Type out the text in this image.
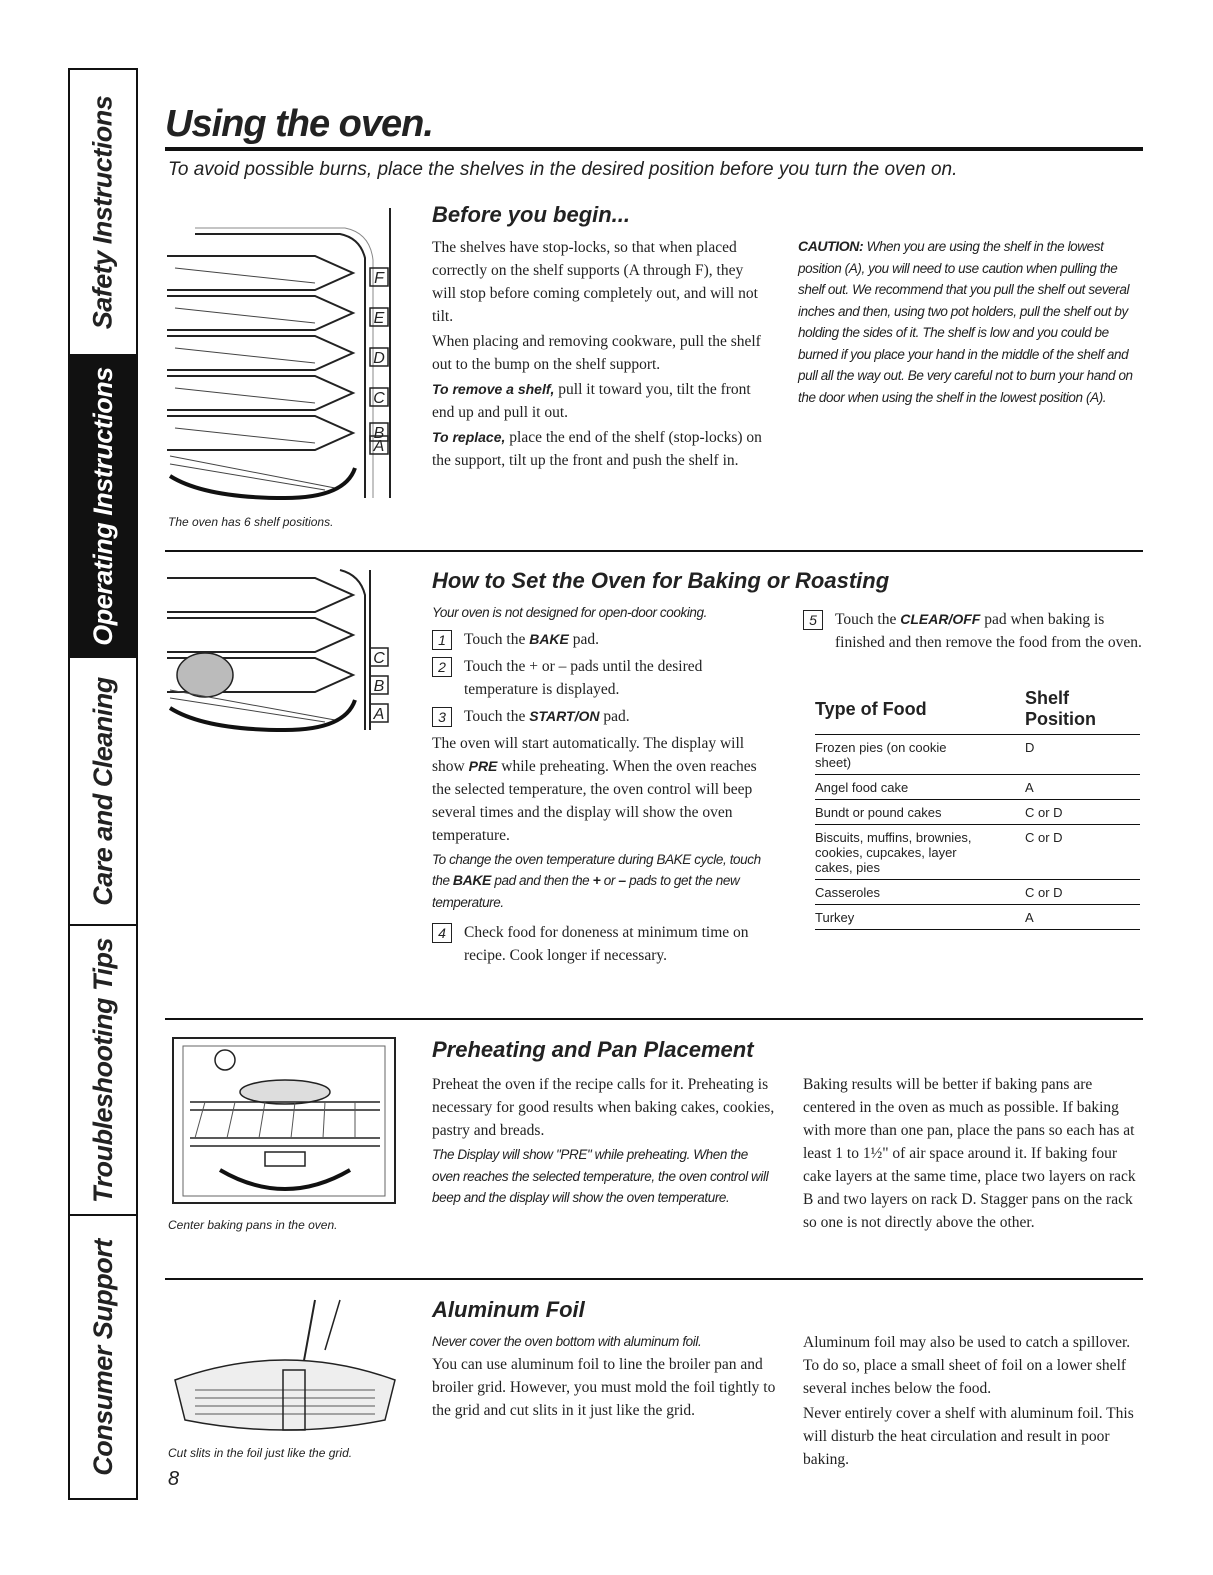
Safety Instructions
Operating Instructions
Care and Cleaning
Troubleshooting Tips
Consumer Support
Using the oven.
To avoid possible burns, place the shelves in the desired position before you turn the oven on.
F
E
D
C
B
A
The oven has 6 shelf positions.
Before you begin...

The shelves have stop-locks, so that when placed correctly on the shelf supports (A through F), they will stop before coming completely out, and will not tilt.

When placing and removing cookware, pull the shelf out to the bump on the shelf support.

To remove a shelf, pull it toward you, tilt the front end up and pull it out.

To replace, place the end of the shelf (stop-locks) on the support, tilt up the front and push the shelf in.

CAUTION: When you are using the shelf in the lowest position (A), you will need to use caution when pulling the shelf out. We recommend that you pull the shelf out several inches and then, using two pot holders, pull the shelf out by holding the sides of it. The shelf is low and you could be burned if you place your hand in the middle of the shelf and pull all the way out. Be very careful not to burn your hand on the door when using the shelf in the lowest position (A).
C
B
A
How to Set the Oven for Baking or Roasting
Your oven is not designed for open-door cooking.
1	Touch the BAKE pad.
2	Touch the + or – pads until the desired temperature is displayed.
3	Touch the START/ON pad.

The oven will start automatically. The display will show PRE while preheating. When the oven reaches the selected temperature, the oven control will beep several times and the display will show the oven temperature.

To change the oven temperature during BAKE cycle, touch the BAKE pad and then the + or – pads to get the new temperature.
4	Check food for doneness at minimum time on recipe. Cook longer if necessary.
5	Touch the CLEAR/OFF pad when baking is finished and then remove the food from the oven.
Type of Food	Shelf Position
Frozen pies (on cookie sheet)	D
Angel food cake	A
Bundt or pound cakes	C or D
Biscuits, muffins, brownies, cookies, cupcakes, layer cakes, pies	C or D
Casseroles	C or D
Turkey	A
Center baking pans in the oven.
Preheating and Pan Placement

Preheat the oven if the recipe calls for it. Preheating is necessary for good results when baking cakes, cookies, pastry and breads.

The Display will show "PRE" while preheating. When the oven reaches the selected temperature, the oven control will beep and the display will show the oven temperature.

Baking results will be better if baking pans are centered in the oven as much as possible. If baking with more than one pan, place the pans so each has at least 1 to 1½" of air space around it. If baking four cake layers at the same time, place two layers on rack B and two layers on rack D. Stagger pans on the rack so one is not directly above the other.

Cut slits in the foil just like the grid.
8
Aluminum Foil
Never cover the oven bottom with aluminum foil.

You can use aluminum foil to line the broiler pan and broiler grid. However, you must mold the foil tightly to the grid and cut slits in it just like the grid.

Aluminum foil may also be used to catch a spillover. To do so, place a small sheet of foil on a lower shelf several inches below the food.

Never entirely cover a shelf with aluminum foil. This will disturb the heat circulation and result in poor baking.
